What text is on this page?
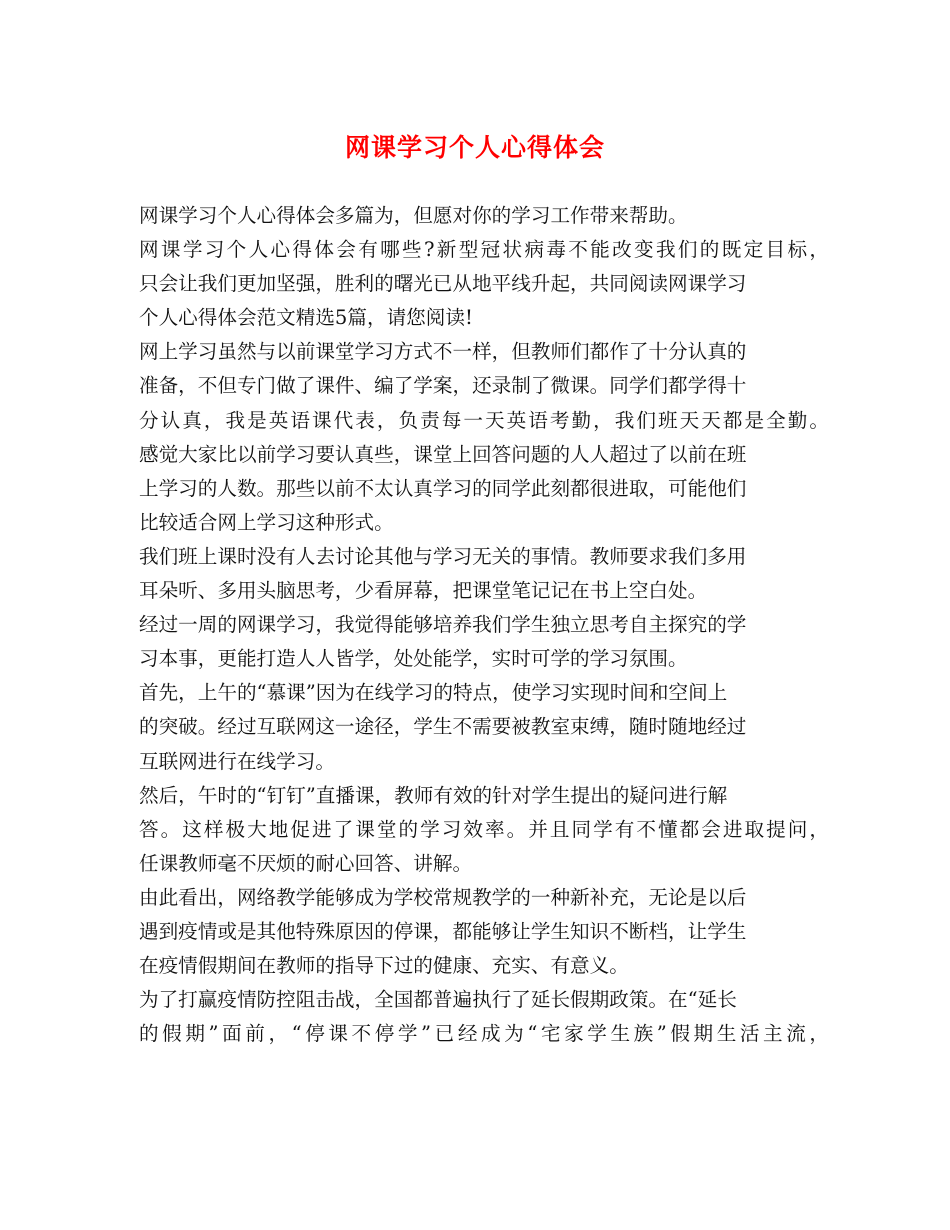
网课学习个人心得体会
网课学习个人心得体会多篇为，但愿对你的学习工作带来帮助。
网课学习个人心得体会有哪些?新型冠状病毒不能改变我们的既定目标，
只会让我们更加坚强，胜利的曙光已从地平线升起，共同阅读网课学习
个人心得体会范文精选5篇，请您阅读!
网上学习虽然与以前课堂学习方式不一样，但教师们都作了十分认真的
准备，不但专门做了课件、编了学案，还录制了微课。同学们都学得十
分认真，我是英语课代表，负责每一天英语考勤，我们班天天都是全勤。
感觉大家比以前学习要认真些，课堂上回答问题的人人超过了以前在班
上学习的人数。那些以前不太认真学习的同学此刻都很进取，可能他们
比较适合网上学习这种形式。
我们班上课时没有人去讨论其他与学习无关的事情。教师要求我们多用
耳朵听、多用头脑思考，少看屏幕，把课堂笔记记在书上空白处。
经过一周的网课学习，我觉得能够培养我们学生独立思考自主探究的学
习本事，更能打造人人皆学，处处能学，实时可学的学习氛围。
首先，上午的“慕课”因为在线学习的特点，使学习实现时间和空间上
的突破。经过互联网这一途径，学生不需要被教室束缚，随时随地经过
互联网进行在线学习。
然后，午时的“钉钉”直播课，教师有效的针对学生提出的疑问进行解
答。这样极大地促进了课堂的学习效率。并且同学有不懂都会进取提问，
任课教师毫不厌烦的耐心回答、讲解。
由此看出，网络教学能够成为学校常规教学的一种新补充，无论是以后
遇到疫情或是其他特殊原因的停课，都能够让学生知识不断档，让学生
在疫情假期间在教师的指导下过的健康、充实、有意义。
为了打赢疫情防控阻击战，全国都普遍执行了延长假期政策。在“延长
的假期”面前，“停课不停学”已经成为“宅家学生族”假期生活主流，
